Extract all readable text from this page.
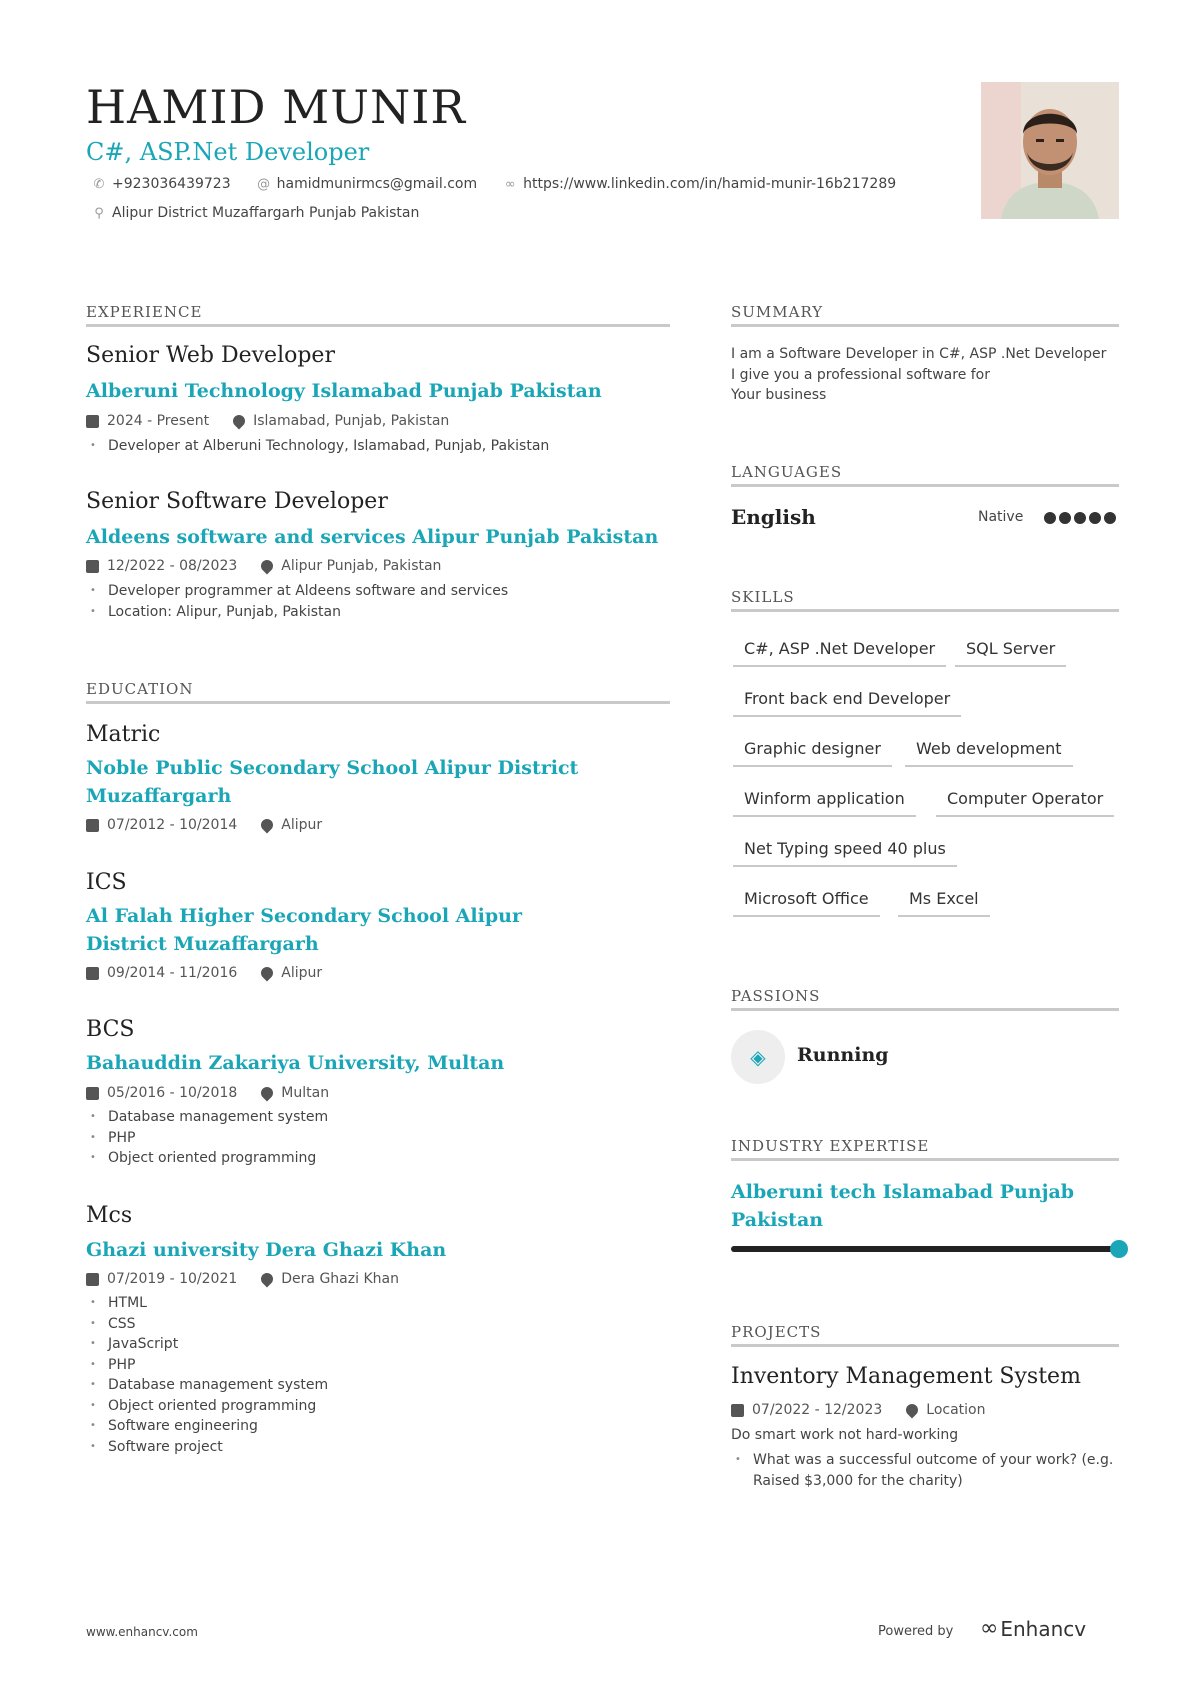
HAMID MUNIR
C#, ASP.Net Developer
✆ +923036439723 @ hamidmunirmcs@gmail.com ∞ https://www.linkedin.com/in/hamid-munir-16b217289
⚲ Alipur District Muzaffargarh Punjab Pakistan
EXPERIENCE
Senior Web Developer
Alberuni Technology Islamabad Punjab Pakistan
2024 - Present	Islamabad, Punjab, Pakistan
• Developer at Alberuni Technology, Islamabad, Punjab, Pakistan
Senior Software Developer
Aldeens software and services Alipur Punjab Pakistan
12/2022 - 08/2023	Alipur Punjab, Pakistan
• Developer programmer at Aldeens software and services
• Location: Alipur, Punjab, Pakistan
EDUCATION
Matric
Noble Public Secondary School Alipur District Muzaffargarh
07/2012 - 10/2014	Alipur
ICS
Al Falah Higher Secondary School Alipur District Muzaffargarh
09/2014 - 11/2016	Alipur
BCS
Bahauddin Zakariya University, Multan
05/2016 - 10/2018	Multan
• Database management system
• PHP
• Object oriented programming
Mcs
Ghazi university Dera Ghazi Khan
07/2019 - 10/2021	Dera Ghazi Khan
• HTML
• CSS
• JavaScript
• PHP
• Database management system
• Object oriented programming
• Software engineering
• Software project
SUMMARY
I am a Software Developer in C#, ASP .Net Developer
I give you a professional software for
Your business
LANGUAGES
English	Native
SKILLS
C#, ASP .Net Developer	SQL Server
Front back end Developer
Graphic designer	Web development
Winform application	Computer Operator
Net Typing speed 40 plus
Microsoft Office	Ms Excel
PASSIONS
◈	Running
INDUSTRY EXPERTISE
Alberuni tech Islamabad Punjab Pakistan
PROJECTS
Inventory Management System
07/2022 - 12/2023	Location
Do smart work not hard-working
• What was a successful outcome of your work? (e.g. Raised $3,000 for the charity)
www.enhancv.com	Powered by ∞ Enhancv
